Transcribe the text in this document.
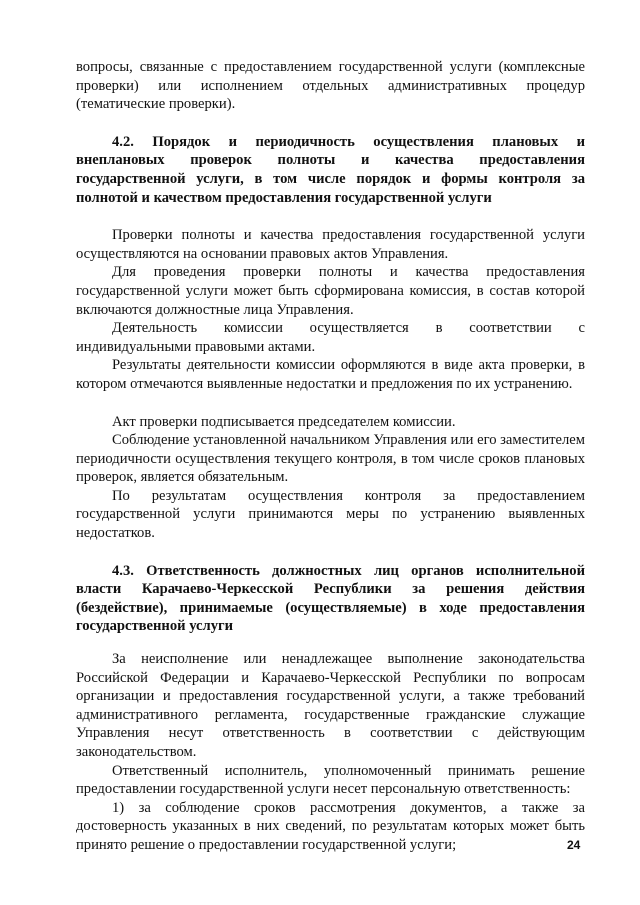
вопросы, связанные с предоставлением государственной услуги (комплексные проверки) или исполнением отдельных административных процедур (тематические проверки).

4.2. Порядок и периодичность осуществления плановых и внеплановых проверок полноты и качества предоставления государственной услуги, в том числе порядок и формы контроля за полнотой и качеством предоставления государственной услуги

Проверки полноты и качества предоставления государственной услуги осуществляются на основании правовых актов Управления.

Для проведения проверки полноты и качества предоставления государственной услуги может быть сформирована комиссия, в состав которой включаются должностные лица Управления.

Деятельность комиссии осуществляется в соответствии с индивидуальными правовыми актами.

Результаты деятельности комиссии оформляются в виде акта проверки, в котором отмечаются выявленные недостатки и предложения по их устранению.

Акт проверки подписывается председателем комиссии.

Соблюдение установленной начальником Управления или его заместителем периодичности осуществления текущего контроля, в том числе сроков плановых проверок, является обязательным.

По результатам осуществления контроля за предоставлением государственной услуги принимаются меры по устранению выявленных недостатков.

4.3. Ответственность должностных лиц органов исполнительной власти Карачаево-Черкесской Республики за решения действия (бездействие), принимаемые (осуществляемые) в ходе предоставления государственной услуги

За неисполнение или ненадлежащее выполнение законодательства Российской Федерации и Карачаево-Черкесской Республики по вопросам организации и предоставления государственной услуги, а также требований административного регламента, государственные гражданские служащие Управления несут ответственность в соответствии с действующим законодательством.

Ответственный исполнитель, уполномоченный принимать решение предоставлении государственной услуги несет персональную ответственность:

1) за соблюдение сроков рассмотрения документов, а также за достоверность указанных в них сведений, по результатам которых может быть принято решение о предоставлении государственной услуги;	24
